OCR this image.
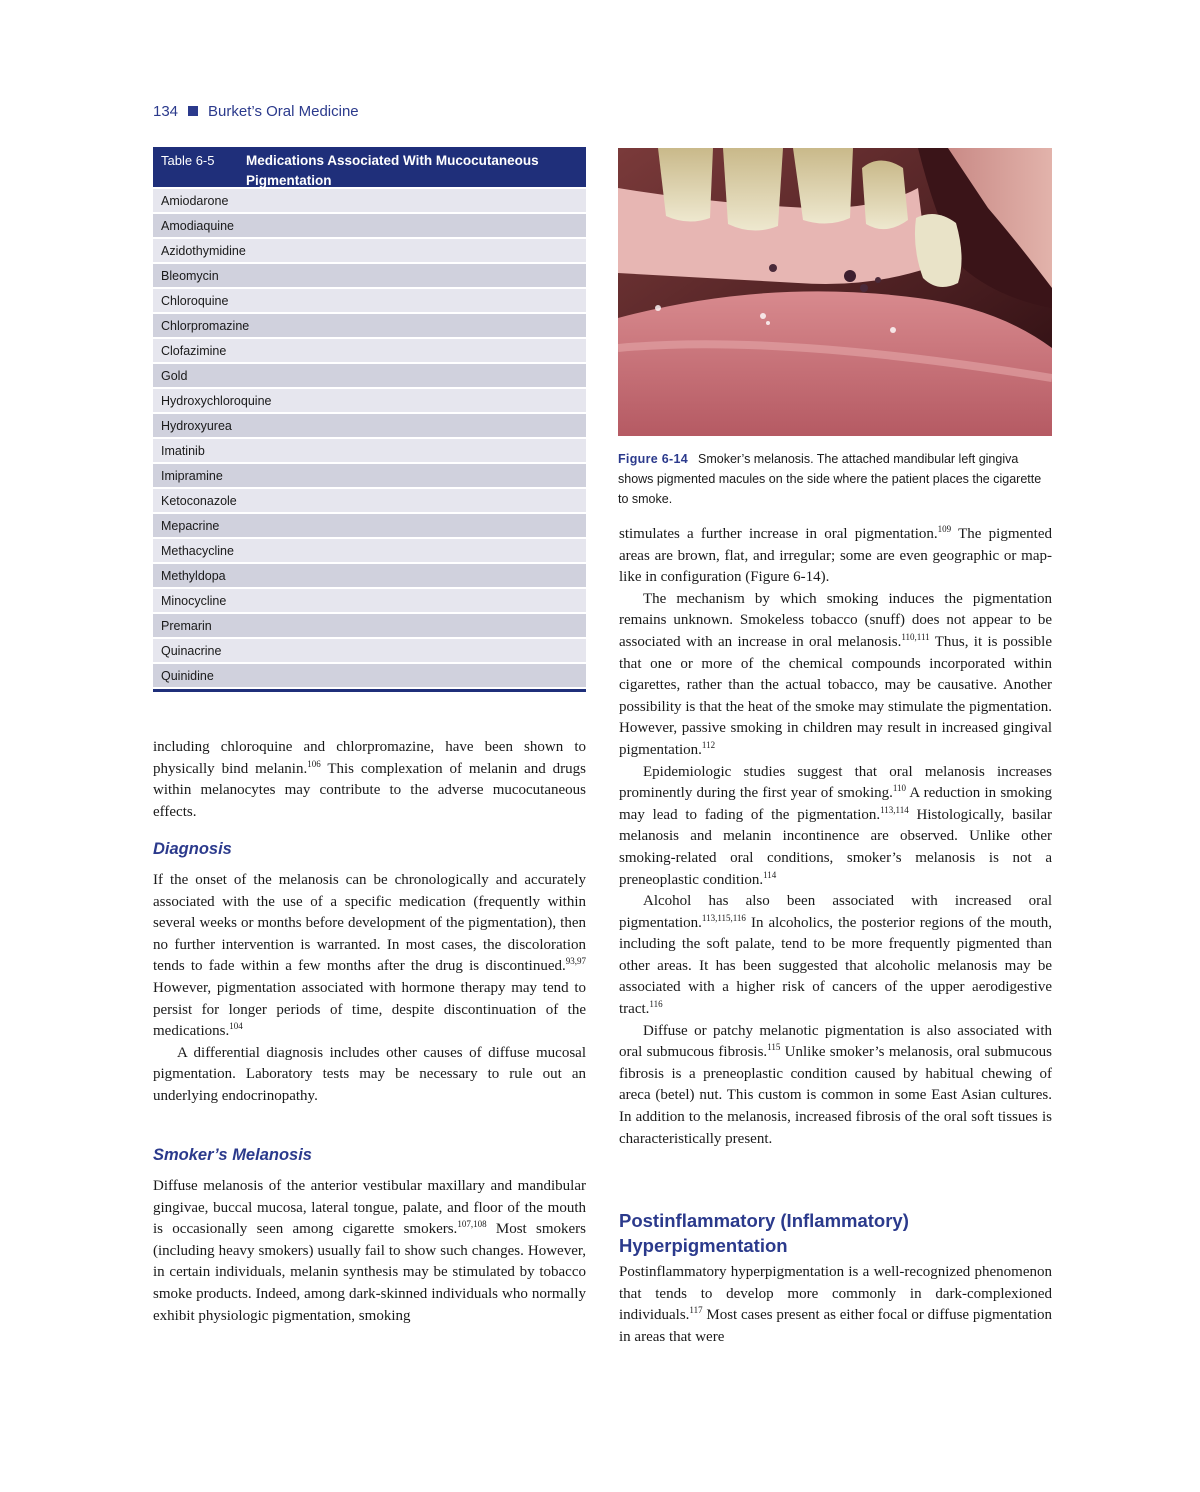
134 Burket’s Oral Medicine
Table 6-5	Medications Associated With Mucocutaneous Pigmentation
Amiodarone
Amodiaquine
Azidothymidine
Bleomycin
Chloroquine
Chlorpromazine
Clofazimine
Gold
Hydroxychloroquine
Hydroxyurea
Imatinib
Imipramine
Ketoconazole
Mepacrine
Methacycline
Methyldopa
Minocycline
Premarin
Quinacrine
Quinidine
Figure 6-14 Smoker’s melanosis. The attached mandibular left gingiva shows pigmented macules on the side where the patient places the cigarette to smoke.

including chloroquine and chlorpromazine, have been shown to physically bind melanin.$^{106}$ This complexation of melanin and drugs within melanocytes may contribute to the adverse mucocutaneous effects.

Diagnosis

If the onset of the melanosis can be chronologically and accurately associated with the use of a specific medication (frequently within several weeks or months before development of the pigmentation), then no further intervention is warranted. In most cases, the discoloration tends to fade within a few months after the drug is discontinued.$^{93,97}$ However, pigmentation associated with hormone therapy may tend to persist for longer periods of time, despite discontinuation of the medications.$^{104}$

A differential diagnosis includes other causes of diffuse mucosal pigmentation. Laboratory tests may be necessary to rule out an underlying endocrinopathy.

Smoker’s Melanosis

Diffuse melanosis of the anterior vestibular maxillary and mandibular gingivae, buccal mucosa, lateral tongue, palate, and floor of the mouth is occasionally seen among cigarette smokers.$^{107,108}$ Most smokers (including heavy smokers) usually fail to show such changes. However, in certain individuals, melanin synthesis may be stimulated by tobacco smoke products. Indeed, among dark-skinned individuals who normally exhibit physiologic pigmentation, smoking

stimulates a further increase in oral pigmentation.$^{109}$ The pigmented areas are brown, flat, and irregular; some are even geographic or map-like in configuration (Figure 6-14).

The mechanism by which smoking induces the pigmentation remains unknown. Smokeless tobacco (snuff) does not appear to be associated with an increase in oral melanosis.$^{110,111}$ Thus, it is possible that one or more of the chemical compounds incorporated within cigarettes, rather than the actual tobacco, may be causative. Another possibility is that the heat of the smoke may stimulate the pigmentation. However, passive smoking in children may result in increased gingival pigmentation.$^{112}$

Epidemiologic studies suggest that oral melanosis increases prominently during the first year of smoking.$^{110}$ A reduction in smoking may lead to fading of the pigmentation.$^{113,114}$ Histologically, basilar melanosis and melanin incontinence are observed. Unlike other smoking-related oral conditions, smoker’s melanosis is not a preneoplastic condition.$^{114}$

Alcohol has also been associated with increased oral pigmentation.$^{113,115,116}$ In alcoholics, the posterior regions of the mouth, including the soft palate, tend to be more frequently pigmented than other areas. It has been suggested that alcoholic melanosis may be associated with a higher risk of cancers of the upper aerodigestive tract.$^{116}$

Diffuse or patchy melanotic pigmentation is also associated with oral submucous fibrosis.$^{115}$ Unlike smoker’s melanosis, oral submucous fibrosis is a preneoplastic condition caused by habitual chewing of areca (betel) nut. This custom is common in some East Asian cultures. In addition to the melanosis, increased fibrosis of the oral soft tissues is characteristically present.

Postinflammatory (Inflammatory) Hyperpigmentation

Postinflammatory hyperpigmentation is a well-recognized phenomenon that tends to develop more commonly in dark-complexioned individuals.$^{117}$ Most cases present as either focal or diffuse pigmentation in areas that were
